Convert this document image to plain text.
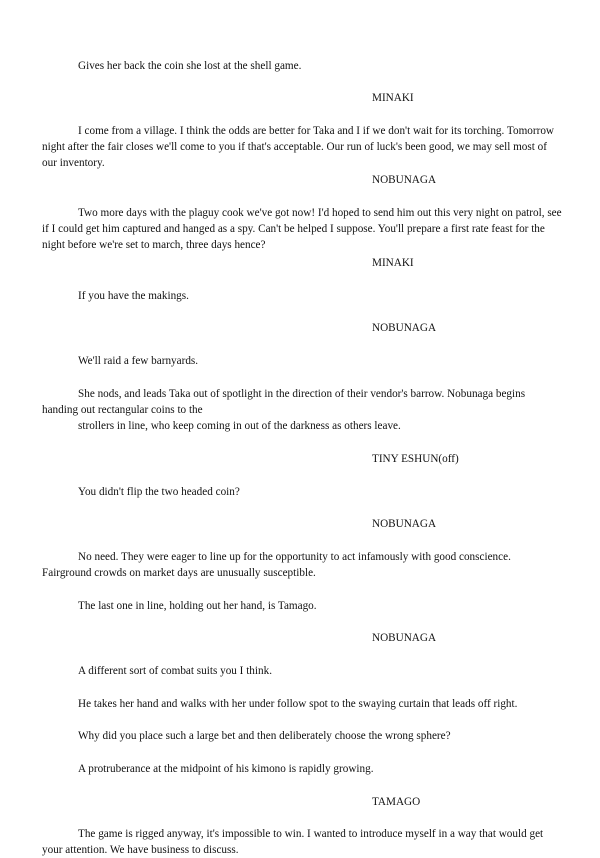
Gives her back the coin she lost at the shell game.

MINAKI

I come from a village. I think the odds are better for Taka and I if we don't wait for its torching. Tomorrow night after the fair closes we'll come to you if that's acceptable. Our run of luck's been good, we may sell most of our inventory.

NOBUNAGA

Two more days with the plaguy cook we've got now! I'd hoped to send him out this very night on patrol, see if I could get him captured and hanged as a spy. Can't be helped I suppose. You'll prepare a first rate feast for the night before we're set to march, three days hence?

MINAKI

If you have the makings.

NOBUNAGA

We'll raid a few barnyards.

She nods, and leads Taka out of spotlight in the direction of their vendor's barrow. Nobunaga begins handing out rectangular coins to the

strollers in line, who keep coming in out of the darkness as others leave.

TINY ESHUN(off)

You didn't flip the two headed coin?

NOBUNAGA

No need. They were eager to line up for the opportunity to act infamously with good conscience. Fairground crowds on market days are unusually susceptible.

The last one in line, holding out her hand, is Tamago.

NOBUNAGA

A different sort of combat suits you I think.

He takes her hand and walks with her under follow spot to the swaying curtain that leads off right.

Why did you place such a large bet and then deliberately choose the wrong sphere?

A protruberance at the midpoint of his kimono is rapidly growing.

TAMAGO

The game is rigged anyway, it's impossible to win. I wanted to introduce myself in a way that would get your attention. We have business to discuss.
